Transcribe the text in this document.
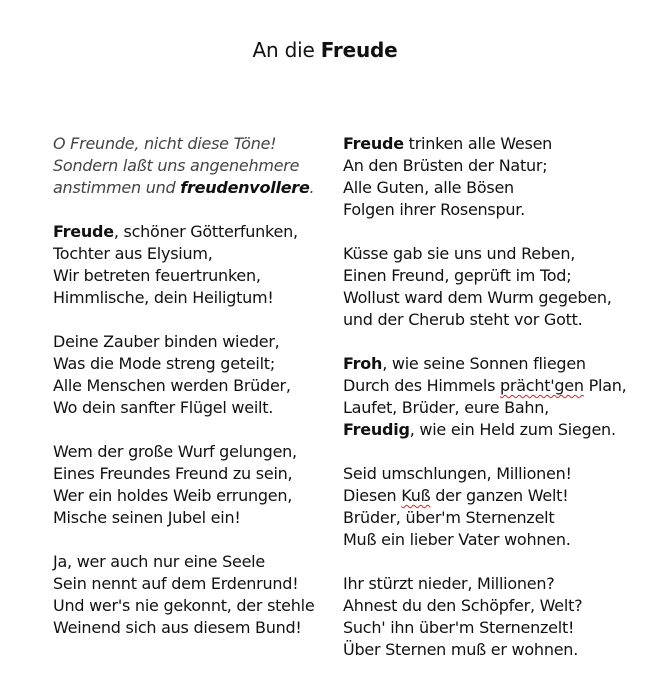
An die Freude
O Freunde, nicht diese Töne!
Sondern laßt uns angenehmere
anstimmen und freudenvollere.
Freude, schöner Götterfunken,
Tochter aus Elysium,
Wir betreten feuertrunken,
Himmlische, dein Heiligtum!
Deine Zauber binden wieder,
Was die Mode streng geteilt;
Alle Menschen werden Brüder,
Wo dein sanfter Flügel weilt.
Wem der große Wurf gelungen,
Eines Freundes Freund zu sein,
Wer ein holdes Weib errungen,
Mische seinen Jubel ein!
Ja, wer auch nur eine Seele
Sein nennt auf dem Erdenrund!
Und wer's nie gekonnt, der stehle
Weinend sich aus diesem Bund!
Freude trinken alle Wesen
An den Brüsten der Natur;
Alle Guten, alle Bösen
Folgen ihrer Rosenspur.
Küsse gab sie uns und Reben,
Einen Freund, geprüft im Tod;
Wollust ward dem Wurm gegeben,
und der Cherub steht vor Gott.
Froh, wie seine Sonnen fliegen
Durch des Himmels prächt'gen Plan,
Laufet, Brüder, eure Bahn,
Freudig, wie ein Held zum Siegen.
Seid umschlungen, Millionen!
Diesen Kuß der ganzen Welt!
Brüder, über'm Sternenzelt
Muß ein lieber Vater wohnen.
Ihr stürzt nieder, Millionen?
Ahnest du den Schöpfer, Welt?
Such' ihn über'm Sternenzelt!
Über Sternen muß er wohnen.
